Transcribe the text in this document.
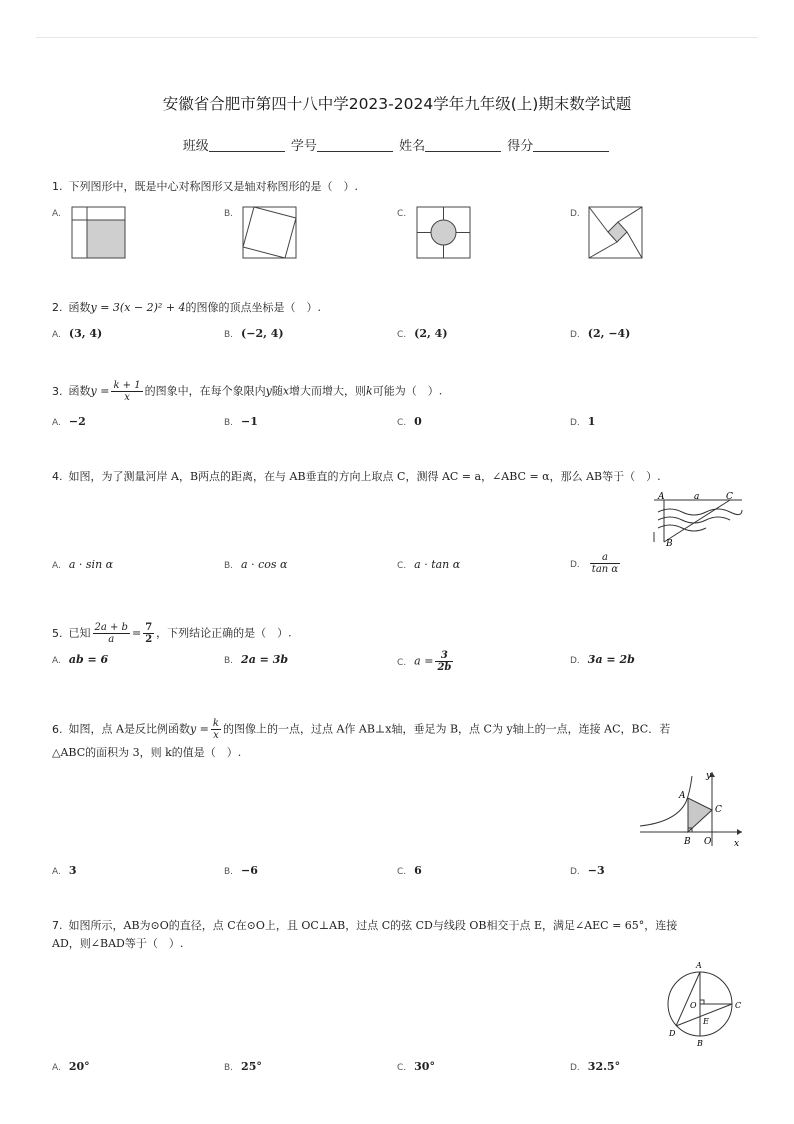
安徽省合肥市第四十八中学2023-2024学年九年级(上)期末数学试题
班级	学号	姓名	得分
1. 下列图形中，既是中心对称图形又是轴对称图形的是（　）.
A.	B.	C.	D.
2. 函数y = 3(x − 2)² + 4的图像的顶点坐标是（　）.
A. (3, 4)	B. (−2, 4)	C. (2, 4)	D. (2, −4)
3. 函数$y = \frac{k + 1}{x}$ 的图象中，在每个象限内y随x增大而增大，则k可能为（　）.
A. −2	B. −1	C. 0	D. 1
4. 如图，为了测量河岸 A，B两点的距离，在与 AB垂直的方向上取点 C，测得 AC = a，∠ABC = α，那么 AB等于（　）.
A	a	C
B
A. a · sin α	B. a · cos α	C. a · tan α	D. $\frac{a}{\text{tan α}}$
5. 已知 $\frac{2a + b}{a} = \frac{7}{2}$ ，下列结论正确的是（　）.
A. ab = 6	B. 2a = 3b	C. $a = \frac{3}{2b}$	D. 3a = 2b
6. 如图，点 A是反比例函数$y = \frac{k}{x}$ 的图像上的一点，过点 A作 AB⊥x轴，垂足为 B，点 C为 y轴上的一点，连接 AC，BC．若
△ABC的面积为 3，则 k的值是（　）.
y
A
C
B O	x
A. 3	B. −6	C. 6	D. −3
7. 如图所示，AB为⊙O的直径，点 C在⊙O上，且 OC⊥AB，过点 C的弦 CD与线段 OB相交于点 E，满足∠AEC = 65°，连接
AD，则∠BAD等于（　）.
A
O	C
E
D
B
A. 20°	B. 25°	C. 30°	D. 32.5°
